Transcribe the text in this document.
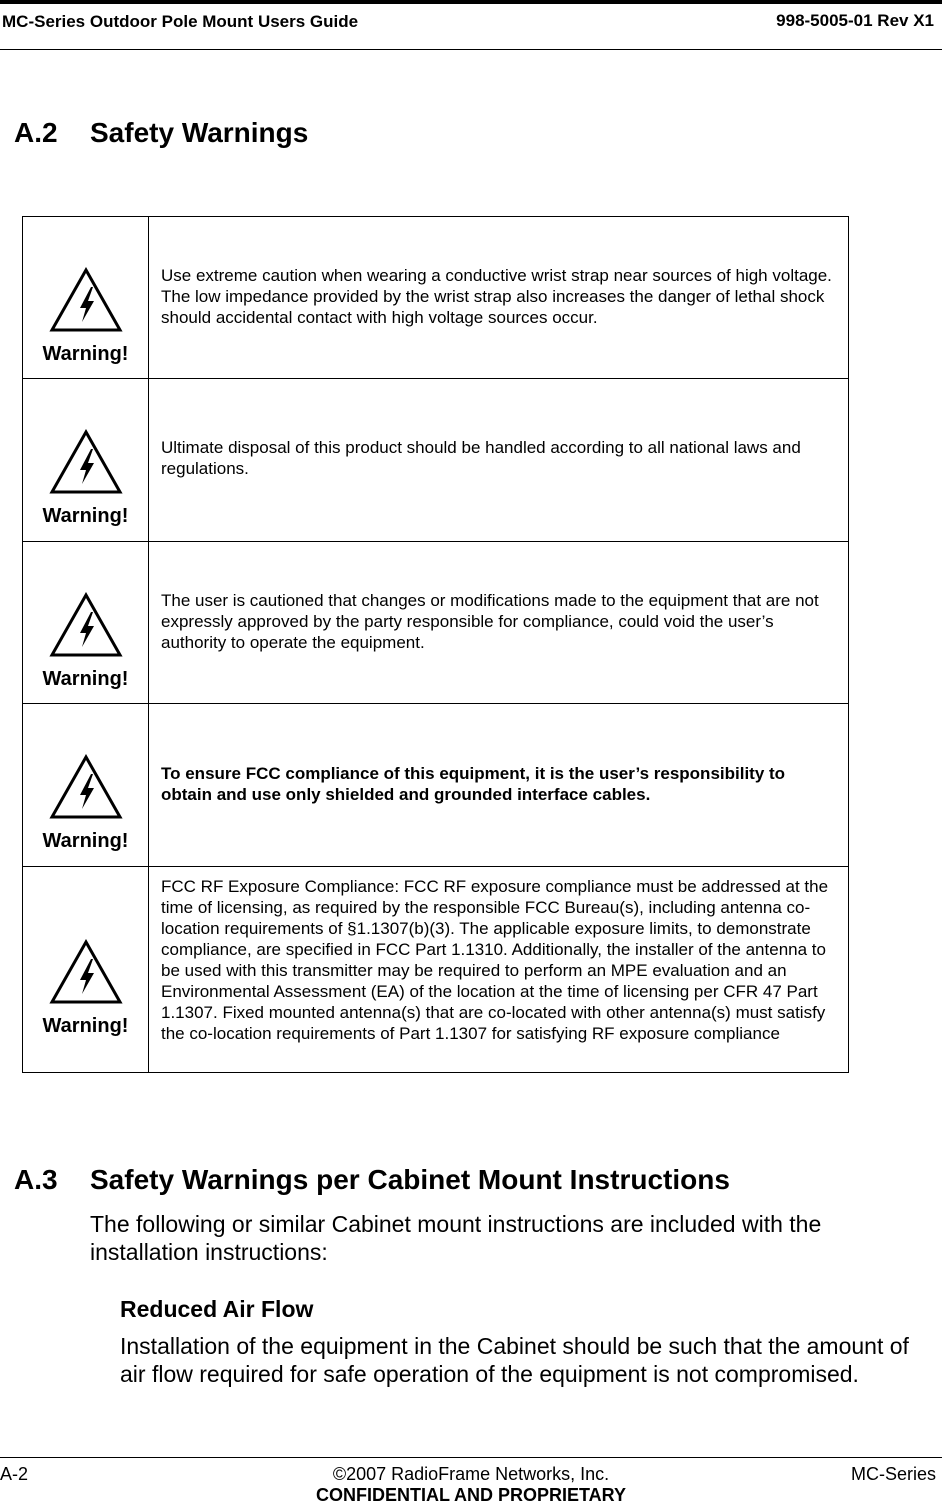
MC-Series Outdoor Pole Mount Users Guide	998-5005-01 Rev X1
A.2 Safety Warnings
Warning!	Use extreme caution when wearing a conductive wrist strap near sources of high voltage. The low impedance provided by the wrist strap also increases the danger of lethal shock should accidental contact with high voltage sources occur.

Warning!	Ultimate disposal of this product should be handled according to all national laws and regulations.

Warning!	The user is cautioned that changes or modifications made to the equipment that are not expressly approved by the party responsible for compliance, could void the user’s authority to operate the equipment.

Warning!	To ensure FCC compliance of this equipment, it is the user’s responsibility to obtain and use only shielded and grounded interface cables.

Warning!	FCC RF Exposure Compliance: FCC RF exposure compliance must be addressed at the time of licensing, as required by the responsible FCC Bureau(s), including antenna co-location requirements of §1.1307(b)(3). The applicable exposure limits, to demonstrate compliance, are specified in FCC Part 1.1310. Additionally, the installer of the antenna to be used with this transmitter may be required to perform an MPE evaluation and an Environmental Assessment (EA) of the location at the time of licensing per CFR 47 Part 1.1307. Fixed mounted antenna(s) that are co-located with other antenna(s) must satisfy the co-location requirements of Part 1.1307 for satisfying RF exposure compliance
A.3 Safety Warnings per Cabinet Mount Instructions
The following or similar Cabinet mount instructions are included with the installation instructions:
Reduced Air Flow
Installation of the equipment in the Cabinet should be such that the amount of air flow required for safe operation of the equipment is not compromised.
A-2	©2007 RadioFrame Networks, Inc.
CONFIDENTIAL AND PROPRIETARY
MC-Series
